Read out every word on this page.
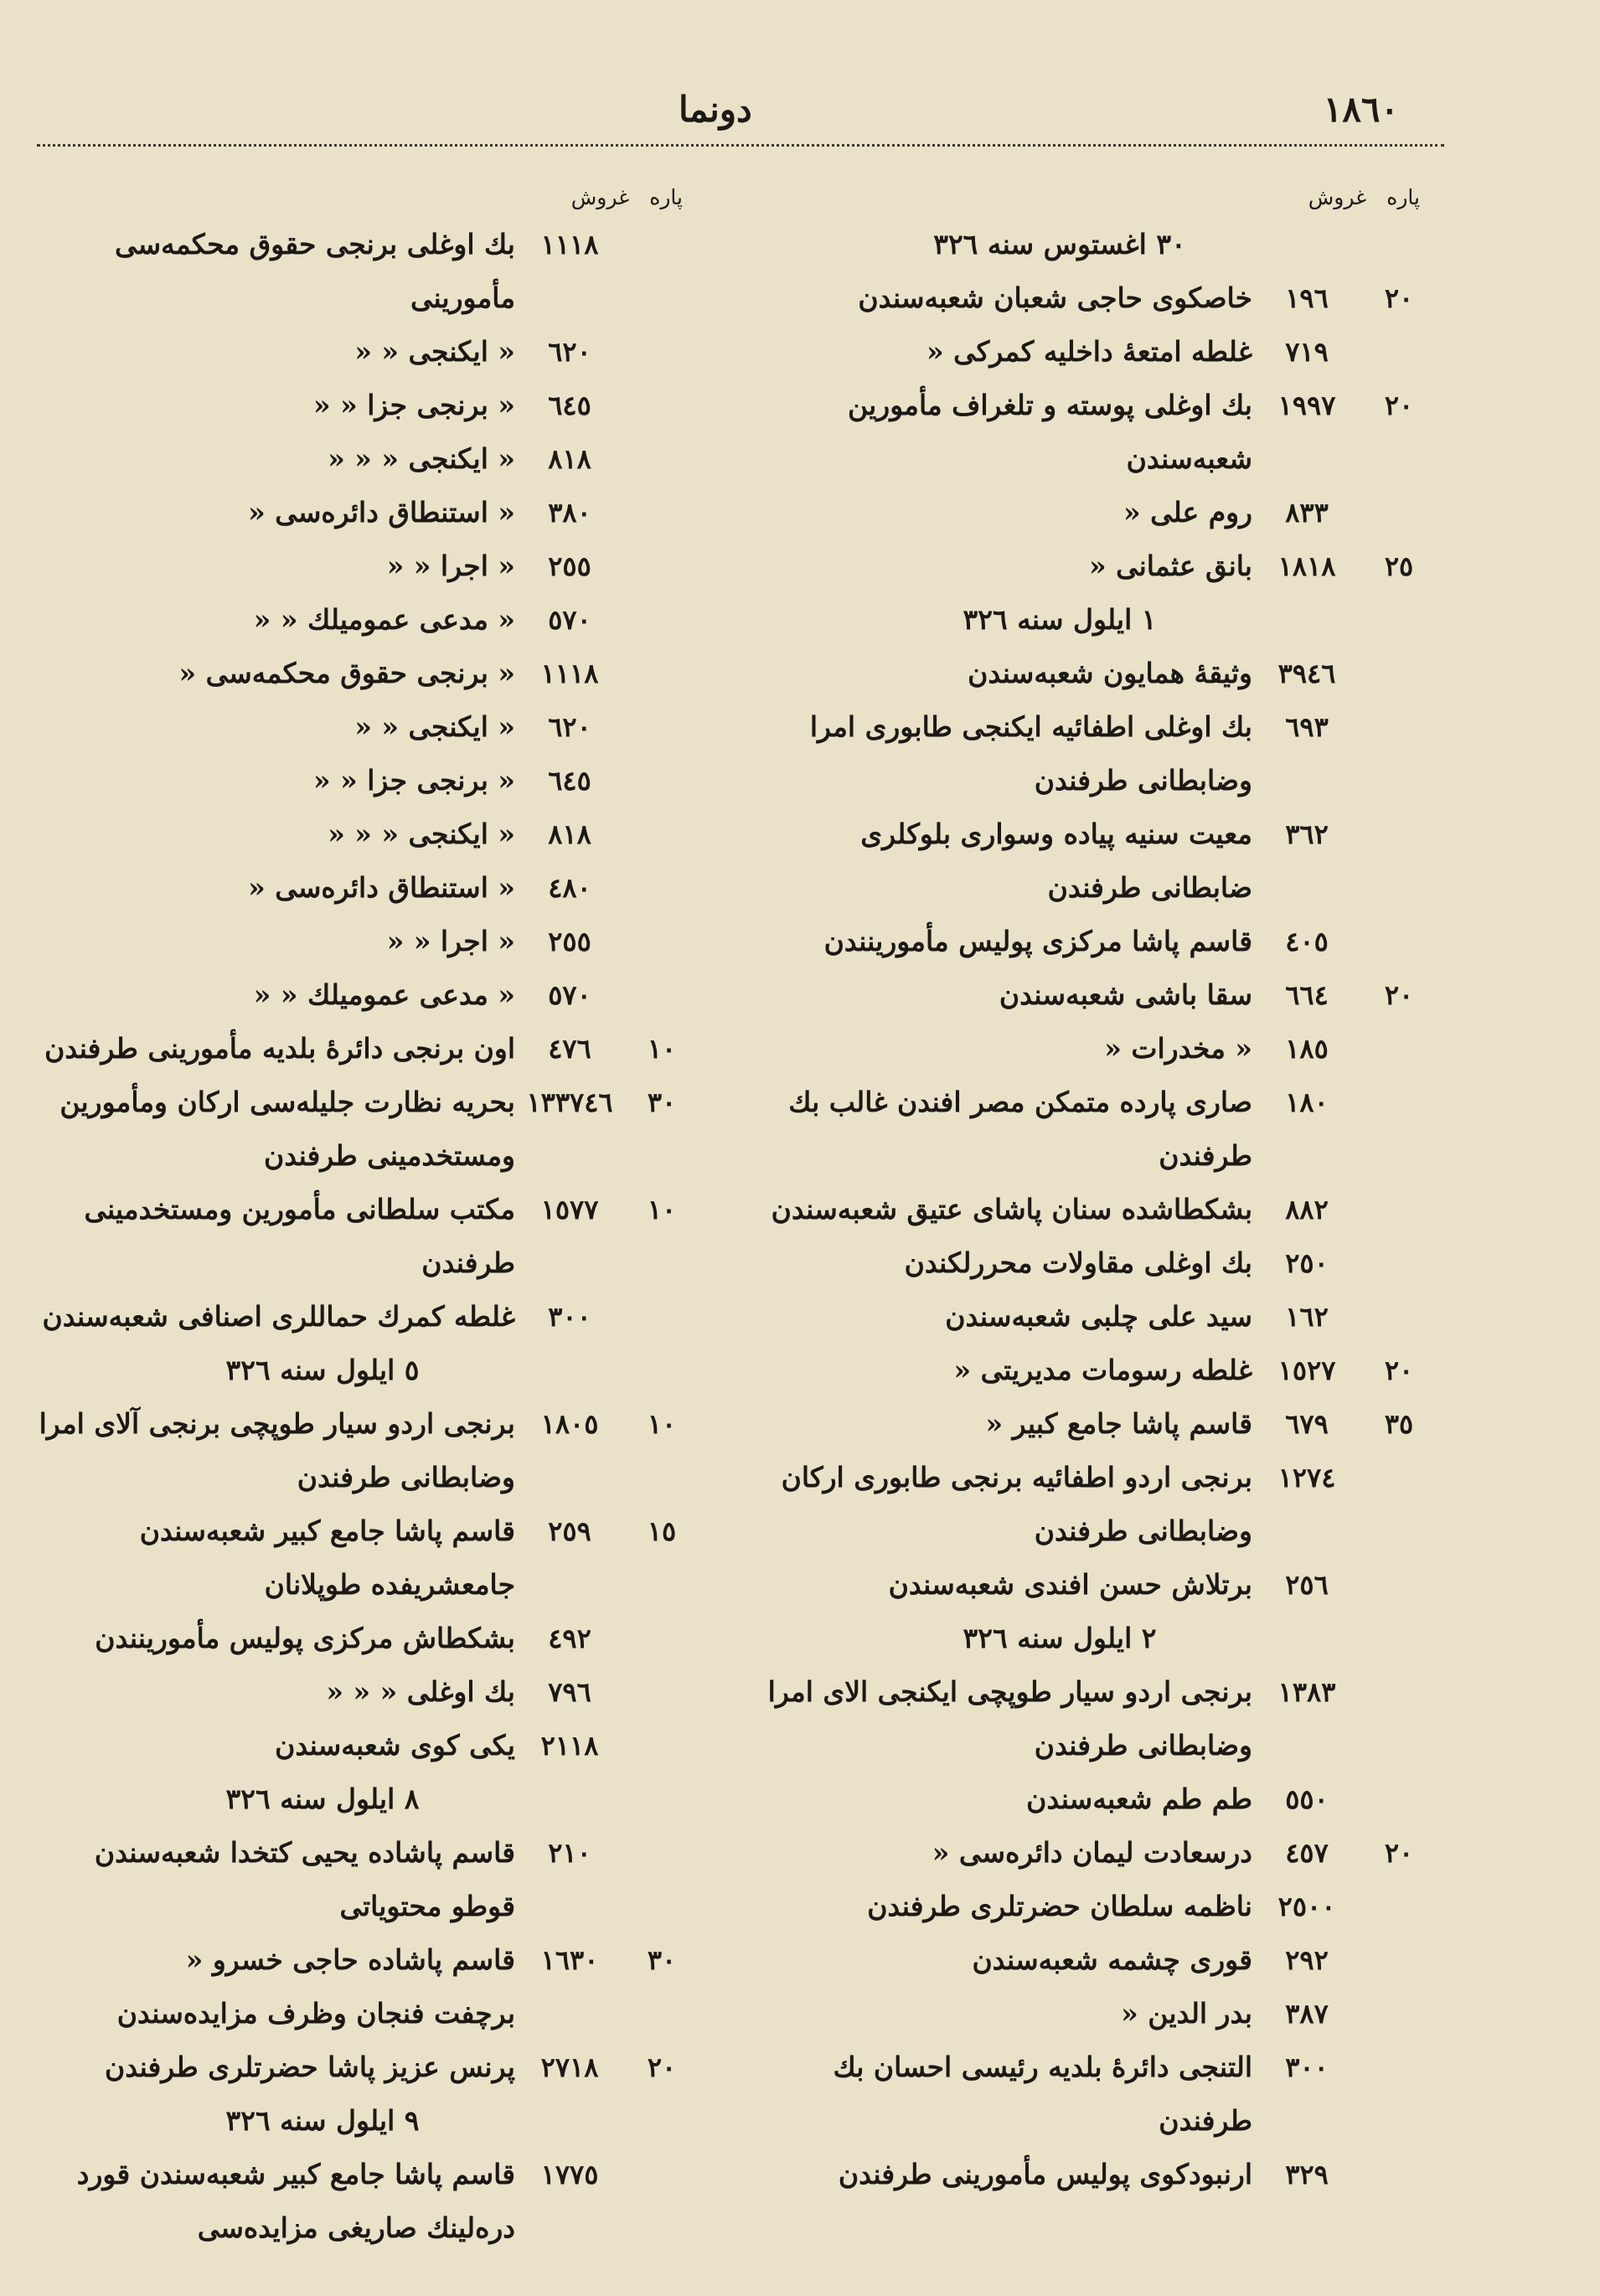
١٨٦٠
دونما
پاره
غروش
٣٠ اغستوس سنه ٣٢٦
٢٠
١٩٦
خاصكوى حاجى شعبان شعبه‌سندن
٧١٩
غلطه امتعهٔ داخليه كمركى «
٢٠
١٩٩٧
بك اوغلى پوسته و تلغراف مأمورين شعبه‌سندن
٨٣٣
روم على «
٢٥
١٨١٨
بانق عثمانى «
١ ايلول سنه ٣٢٦
٣٩٤٦
وثيقهٔ همايون شعبه‌سندن
٦٩٣
بك اوغلى اطفائيه ايكنجى طابورى امرا وضابطانى طرفندن
٣٦٢
معيت سنيه پياده وسوارى بلوكلرى ضابطانى طرفندن
٤٠٥
قاسم پاشا مركزى پوليس مأمورينندن
٢٠
٦٦٤
سقا باشى شعبه‌سندن
١٨٥
« مخدرات «
١٨٠
صارى پارده متمكن مصر افندن غالب بك طرفندن
٨٨٢
بشكطاشده سنان پاشاى عتيق شعبه‌سندن
٢٥٠
بك اوغلى مقاولات محررلكندن
١٦٢
سيد على چلبى شعبه‌سندن
٢٠
١٥٢٧
غلطه رسومات مديريتى «
٣٥
٦٧٩
قاسم پاشا جامع كبير «
١٢٧٤
برنجى اردو اطفائيه برنجى طابورى اركان وضابطانى طرفندن
٢٥٦
برتلاش حسن افندى شعبه‌سندن
٢ ايلول سنه ٣٢٦
١٣٨٣
برنجى اردو سيار طوپچى ايكنجى الاى امرا وضابطانى طرفندن
٥٥٠
طم طم شعبه‌سندن
٢٠
٤٥٧
درسعادت ليمان دائره‌سى «
٢٥٠٠
ناظمه سلطان حضرتلرى طرفندن
٢٩٢
قورى چشمه شعبه‌سندن
٣٨٧
بدر الدين «
٣٠٠
التنجى دائرهٔ بلديه رئيسى احسان بك طرفندن
٣٢٩
ارنبودكوى پوليس مأمورينى طرفندن
پاره
غروش
١١١٨
بك اوغلى برنجى حقوق محكمه‌سى مأمورينى
٦٢٠
« ايكنجى « «
٦٤٥
« برنجى جزا « «
٨١٨
« ايكنجى « « «
٣٨٠
« استنطاق دائره‌سى «
٢٥٥
« اجرا « «
٥٧٠
« مدعى عموميلك « «
١١١٨
« برنجى حقوق محكمه‌سى «
٦٢٠
« ايكنجى « «
٦٤٥
« برنجى جزا « «
٨١٨
« ايكنجى « « «
٤٨٠
« استنطاق دائره‌سى «
٢٥٥
« اجرا « «
٥٧٠
« مدعى عموميلك « «
١٠
٤٧٦
اون برنجى دائرهٔ بلديه مأمورينى طرفندن
٣٠
١٣٣٧٤٦
بحريه نظارت جليله‌سى اركان ومأمورين ومستخدمينى طرفندن
١٠
١٥٧٧
مكتب سلطانى مأمورين ومستخدمينى طرفندن
٣٠٠
غلطه كمرك حماللرى اصنافى شعبه‌سندن
٥ ايلول سنه ٣٢٦
١٠
١٨٠٥
برنجى اردو سيار طوپچى برنجى آلاى امرا وضابطانى طرفندن
١٥
٢٥٩
قاسم پاشا جامع كبير شعبه‌سندن جامعشريفده طوپلانان
٤٩٢
بشكطاش مركزى پوليس مأمورينندن
٧٩٦
بك اوغلى « « «
٢١١٨
يكى كوى شعبه‌سندن
٨ ايلول سنه ٣٢٦
٢١٠
قاسم پاشاده يحيى كتخدا شعبه‌سندن قوطو محتوياتى
٣٠
١٦٣٠
قاسم پاشاده حاجى خسرو «
برچفت فنجان وظرف مزايده‌سندن
٢٠
٢٧١٨
پرنس عزيز پاشا حضرتلرى طرفندن
٩ ايلول سنه ٣٢٦
١٧٧٥
قاسم پاشا جامع كبير شعبه‌سندن قورد دره‌لينك صاريغى مزايده‌سى
